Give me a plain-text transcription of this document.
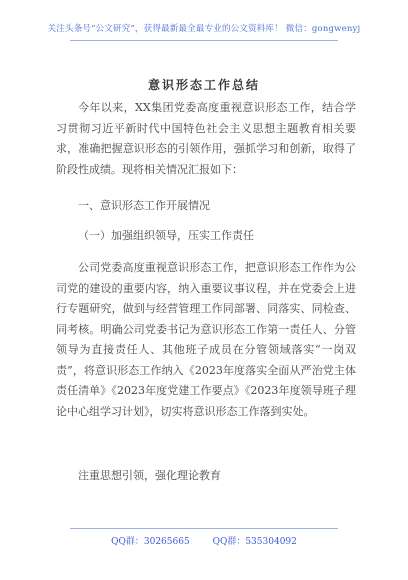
关注头条号“公文研究”，获得最新最全最专业的公文资料库！ 微信：gongwenyj
意识形态工作总结

今年以来，XX集团党委高度重视意识形态工作，结合学习贯彻习近平新时代中国特色社会主义思想主题教育相关要求，准确把握意识形态的引领作用，强抓学习和创新，取得了阶段性成绩。现将相关情况汇报如下：

一、意识形态工作开展情况

（一）加强组织领导，压实工作责任

公司党委高度重视意识形态工作，把意识形态工作作为公司党的建设的重要内容，纳入重要议事议程，并在党委会上进行专题研究，做到与经营管理工作同部署、同落实、同检查、同考核。明确公司党委书记为意识形态工作第一责任人、分管领导为直接责任人、其他班子成员在分管领域落实“一岗双责”，将意识形态工作纳入《2023年度落实全面从严治党主体责任清单》《2023年度党建工作要点》《2023年度领导班子理论中心组学习计划》，切实将意识形态工作落到实处。

注重思想引领，强化理论教育

QQ群：30265665	QQ群：535304092
